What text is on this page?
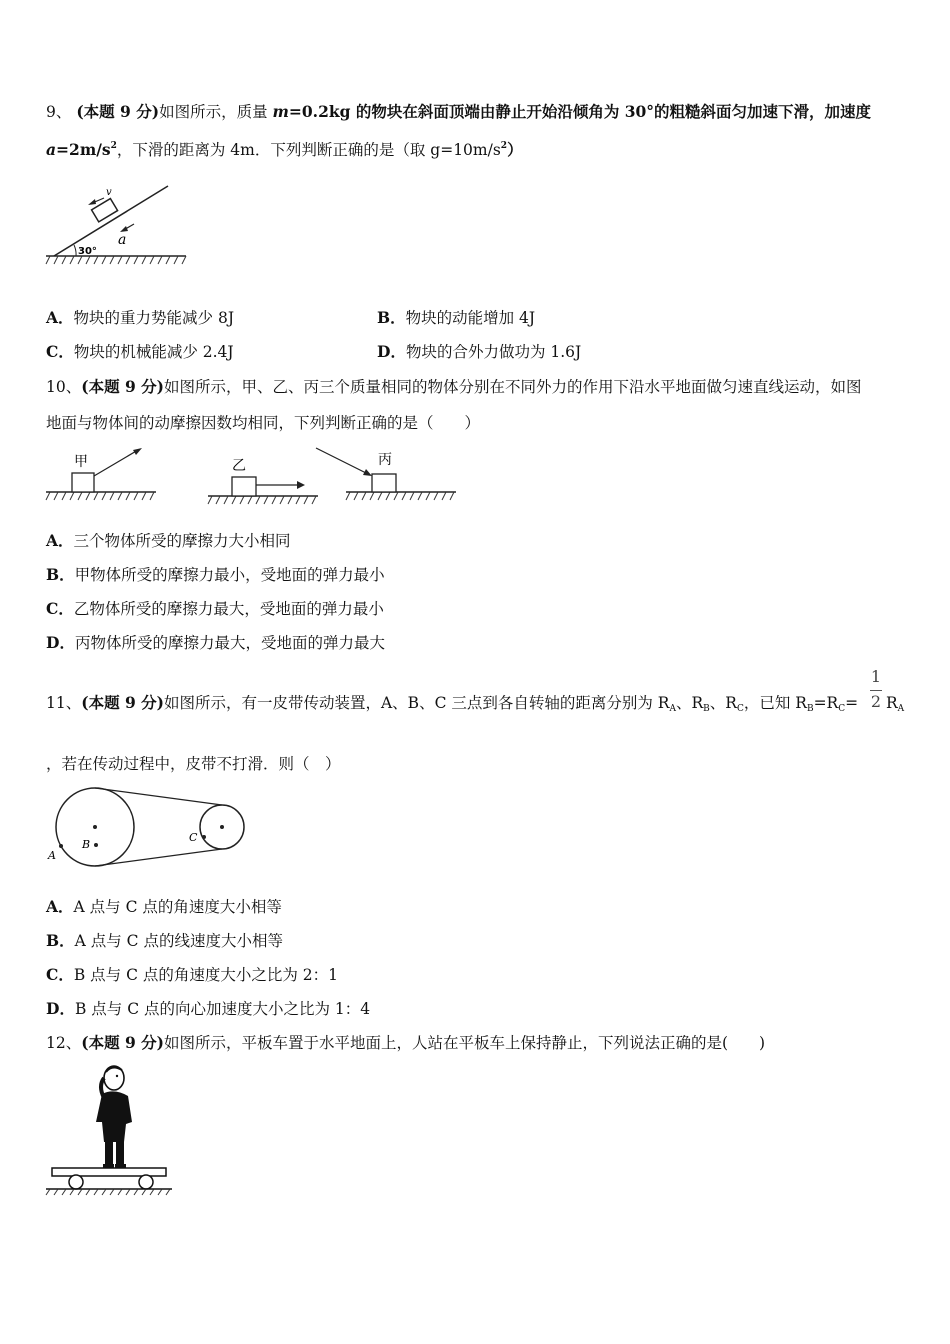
9、 (本题 9 分)如图所示，质量 m=0.2kg 的物块在斜面顶端由静止开始沿倾角为 30°的粗糙斜面匀加速下滑，加速度
$a=2m/s^2$，下滑的距离为 4m．下列判断正确的是（取 $g=10m/s^2$）
v
a
30°
A．物块的重力势能减少 8J	B．物块的动能增加 4J
C．物块的机械能减少 2.4J	D．物块的合外力做功为 1.6J
10、(本题 9 分)如图所示，甲、乙、丙三个质量相同的物体分别在不同外力的作用下沿水平地面做匀速直线运动，如图
地面与物体间的动摩擦因数均相同，下列判断正确的是（　　）
甲	乙	丙
A．三个物体所受的摩擦力大小相同
B．甲物体所受的摩擦力最小，受地面的弹力最小
C．乙物体所受的摩擦力最大，受地面的弹力最小
D．丙物体所受的摩擦力最大，受地面的弹力最大
11、(本题 9 分)如图所示，有一皮带传动装置，A、B、C 三点到各自转轴的距离分别为 $R_A$、$R_B$、$R_C$，已知 $R_B=R_C=$
1
2 $R_A$
，若在传动过程中，皮带不打滑．则（　）
A
B
C
A．A 点与 C 点的角速度大小相等
B．A 点与 C 点的线速度大小相等
C．B 点与 C 点的角速度大小之比为 2：1
D．B 点与 C 点的向心加速度大小之比为 1：4
12、(本题 9 分)如图所示，平板车置于水平地面上，人站在平板车上保持静止，下列说法正确的是(　　)
